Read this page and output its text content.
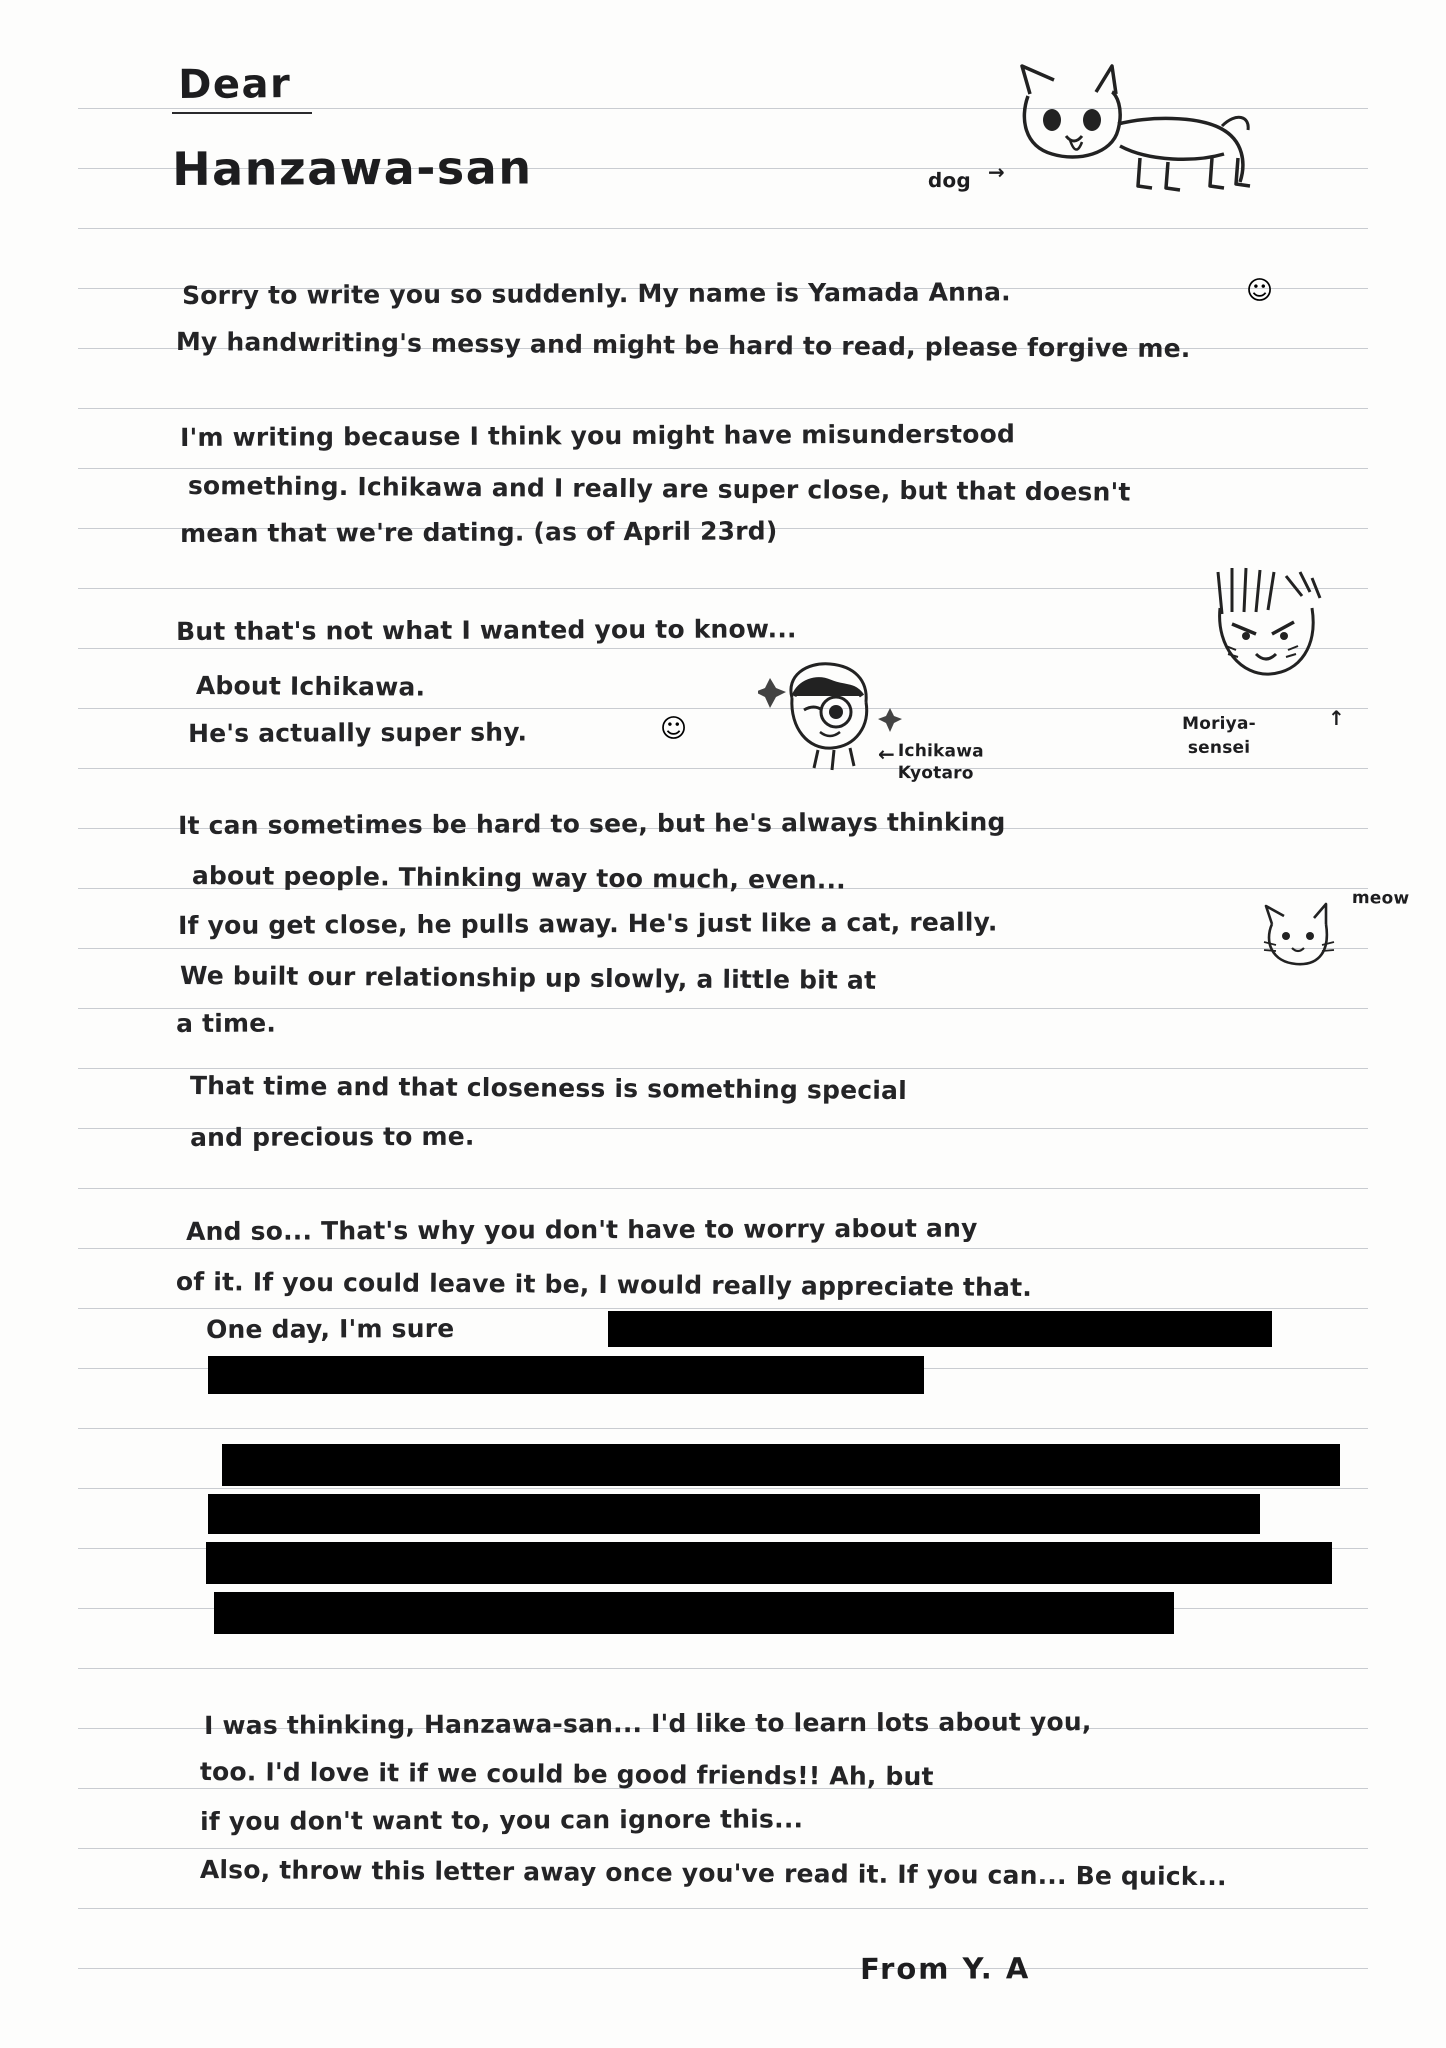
Dear
Hanzawa-san	dog →
Sorry to write you so suddenly. My name is Yamada Anna.	☺
My handwriting's messy and might be hard to read, please forgive me.
I'm writing because I think you might have misunderstood
something. Ichikawa and I really are super close, but that doesn't
mean that we're dating. (as of April 23rd)
But that's not what I wanted you to know...
About Ichikawa.
He's actually super shy.	☺
← Ichikawa
Kyotaro
Moriya-
sensei
↑
It can sometimes be hard to see, but he's always thinking
about people. Thinking way too much, even...
If you get close, he pulls away. He's just like a cat, really.
We built our relationship up slowly, a little bit at
a time.
That time and that closeness is something special
and precious to me.
meow
And so... That's why you don't have to worry about any
of it. If you could leave it be, I would really appreciate that.
One day, I'm sure
I was thinking, Hanzawa-san... I'd like to learn lots about you,
too. I'd love it if we could be good friends!! Ah, but
if you don't want to, you can ignore this...
Also, throw this letter away once you've read it. If you can... Be quick...
From Y. A
